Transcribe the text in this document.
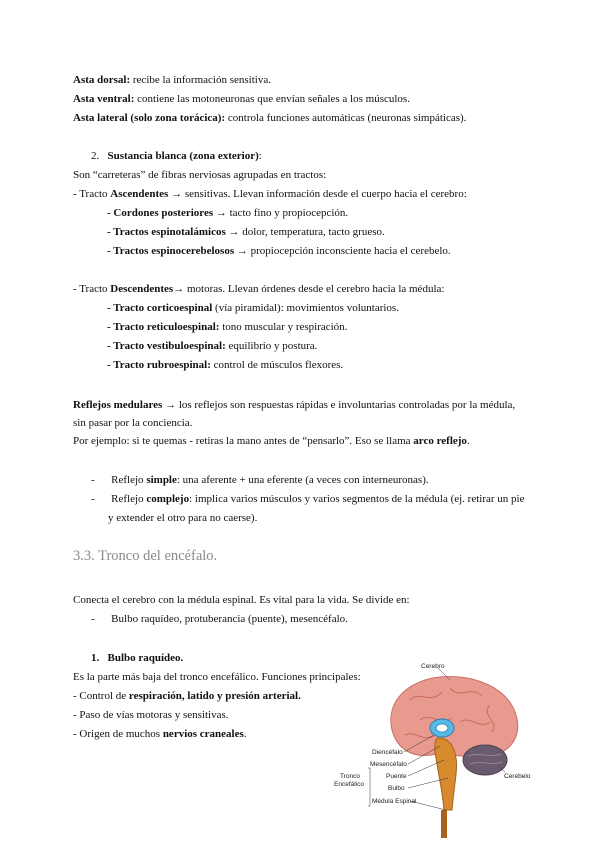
Asta dorsal: recibe la información sensitiva.
Asta ventral: contiene las motoneuronas que envían señales a los músculos.
Asta lateral (solo zona torácica): controla funciones automáticas (neuronas simpáticas).
2. Sustancia blanca (zona exterior):
Son “carreteras” de fibras nerviosas agrupadas en tractos:
- Tracto Ascendentes → sensitivas. Llevan información desde el cuerpo hacia el cerebro:
- Cordones posteriores → tacto fino y propiocepción.
- Tractos espinotalámicos → dolor, temperatura, tacto grueso.
- Tractos espinocerebelosos → propiocepción inconsciente hacia el cerebelo.
- Tracto Descendentes→ motoras. Llevan órdenes desde el cerebro hacia la médula:
- Tracto corticoespinal (vía piramidal): movimientos voluntarios.
- Tracto reticuloespinal: tono muscular y respiración.
- Tracto vestibuloespinal: equilibrio y postura.
- Tracto rubroespinal: control de músculos flexores.
Reflejos medulares → los reflejos son respuestas rápidas e involuntarias controladas por la médula,
sin pasar por la conciencia.
Por ejemplo: si te quemas - retiras la mano antes de “pensarlo”. Eso se llama arco reflejo.
-      Reflejo simple: una aferente + una eferente (a veces con interneuronas).
-      Reflejo complejo: implica varios músculos y varios segmentos de la médula (ej. retirar un pie
y extender el otro para no caerse).
3.3. Tronco del encéfalo.
Conecta el cerebro con la médula espinal. Es vital para la vida. Se divide en:
-      Bulbo raquídeo, protuberancia (puente), mesencéfalo.
1. Bulbo raquídeo.
Es la parte más baja del tronco encefálico. Funciones principales:
- Control de respiración, latido y presión arterial.
- Paso de vías motoras y sensitivas.
- Origen de muchos nervios craneales.
Cerebro
Diencéfalo
Mesencéfalo
Puente
Bulbo
Médula Espinal
Cerebelo
Tronco
Encefálico
